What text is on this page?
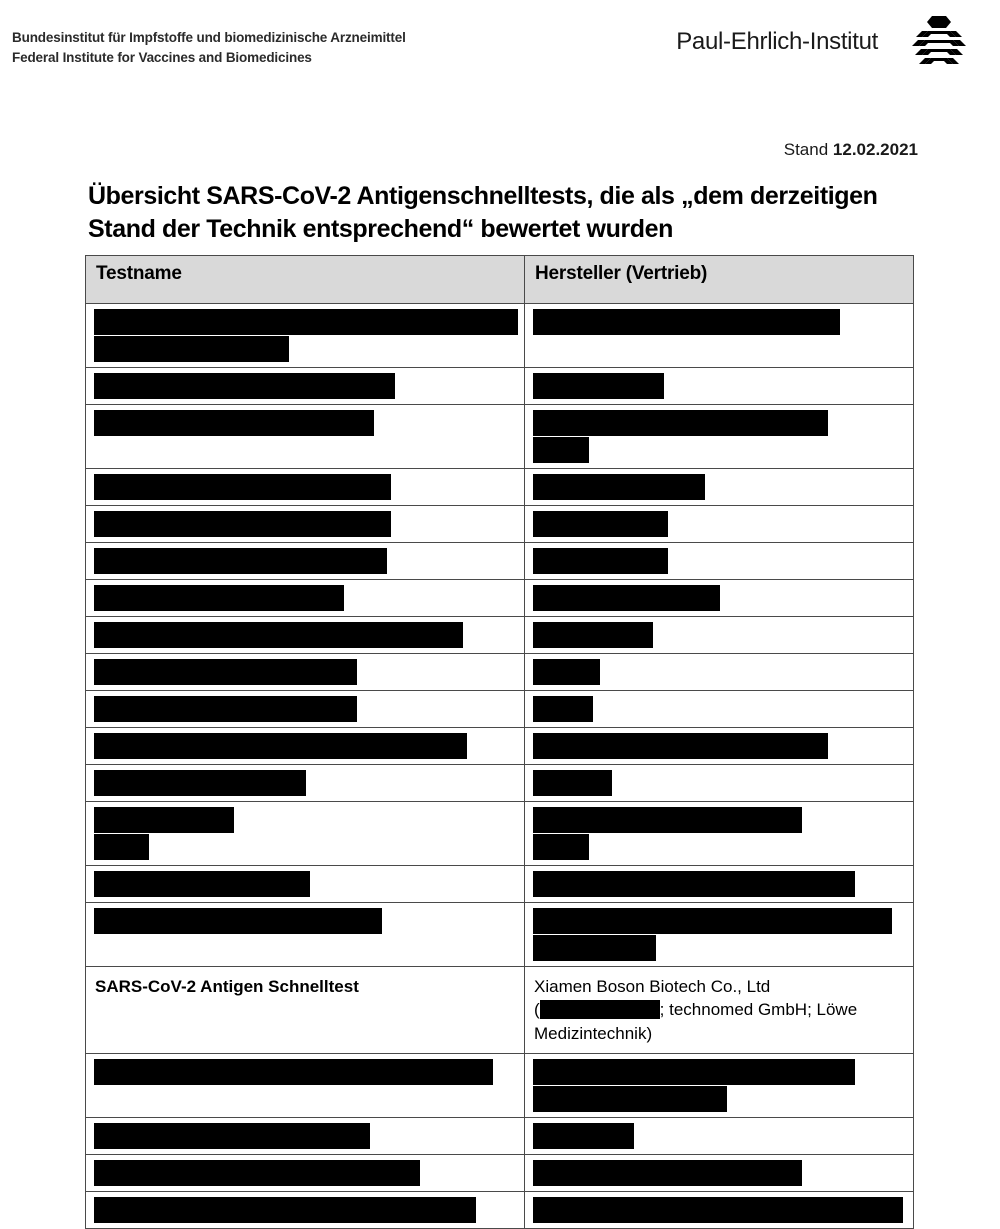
Bundesinstitut für Impfstoffe und biomedizinische Arzneimittel
Federal Institute for Vaccines and Biomedicines
Paul-Ehrlich-Institut
Stand 12.02.2021
Übersicht SARS-CoV-2 Antigenschnelltests, die als „dem derzeitigen Stand der Technik entsprechend“ bewertet wurden
Testname	Hersteller (Vertrieb)

SARS-CoV-2 Antigen Schnelltest	Xiamen Boson Biotech Co., Ltd
( ; technomed GmbH; Löwe
Medizintechnik)
